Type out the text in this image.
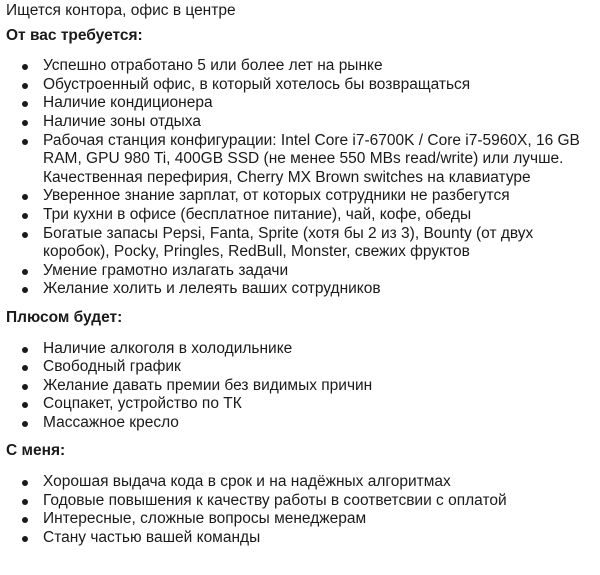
Ищется контора, офис в центре
От вас требуется:
Успешно отработано 5 или более лет на рынке
Обустроенный офис, в который хотелось бы возвращаться
Наличие кондиционера
Наличие зоны отдыха
Рабочая станция конфигурации: Intel Core i7-6700K / Core i7-5960X, 16 GB RAM, GPU 980 Ti, 400GB SSD (не менее 550 MBs read/write) или лучше. Качественная перефирия, Cherry MX Brown switches на клавиатуре
Уверенное знание зарплат, от которых сотрудники не разбегутся
Три кухни в офисе (бесплатное питание), чай, кофе, обеды
Богатые запасы Pepsi, Fanta, Sprite (хотя бы 2 из 3), Bounty (от двух коробок), Pocky, Pringles, RedBull, Monster, свежих фруктов
Умение грамотно излагать задачи
Желание холить и лелеять ваших сотрудников
Плюсом будет:
Наличие алкоголя в холодильнике
Свободный график
Желание давать премии без видимых причин
Соцпакет, устройство по ТК
Массажное кресло
С меня:
Хорошая выдача кода в срок и на надёжных алгоритмах
Годовые повышения к качеству работы в соответсвии с оплатой
Интересные, сложные вопросы менеджерам
Стану частью вашей команды
